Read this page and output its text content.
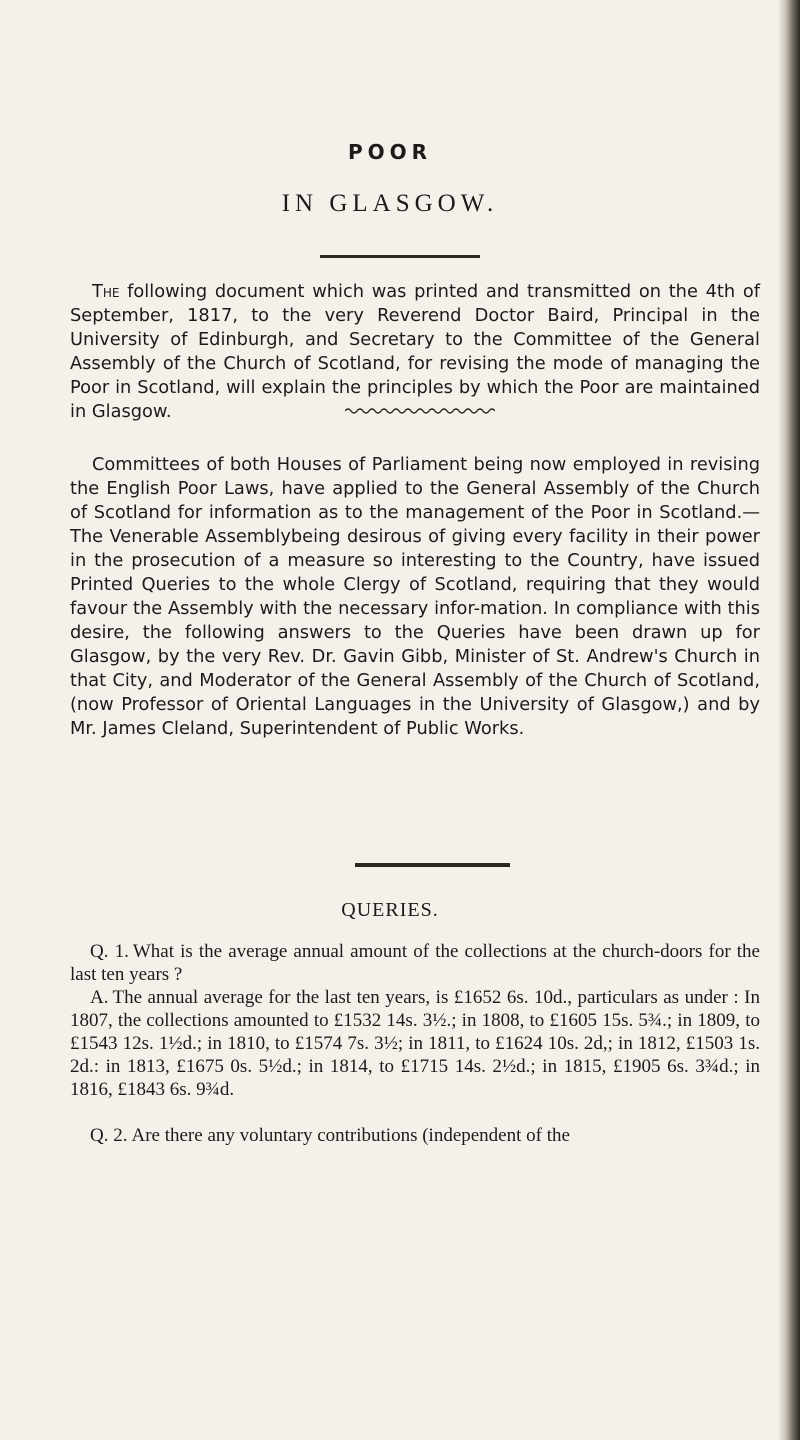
POOR
IN GLASGOW.

The following document which was printed and transmitted on the 4th of September, 1817, to the very Reverend Doctor Baird, Principal in the University of Edinburgh, and Secretary to the Committee of the General Assembly of the Church of Scotland, for revising the mode of managing the Poor in Scotland, will explain the principles by which the Poor are maintained in Glasgow.

Committees of both Houses of Parliament being now employed in revising the English Poor Laws, have applied to the General Assembly of the Church of Scotland for information as to the management of the Poor in Scotland.—The Venerable Assemblybeing desirous of giving every facility in their power in the prosecution of a measure so interesting to the Country, have issued Printed Queries to the whole Clergy of Scotland, requiring that they would favour the Assembly with the necessary infor-mation. In compliance with this desire, the following answers to the Queries have been drawn up for Glasgow, by the very Rev. Dr. Gavin Gibb, Minister of St. Andrew's Church in that City, and Moderator of the General Assembly of the Church of Scotland, (now Professor of Oriental Languages in the University of Glasgow,) and by Mr. James Cleland, Superintendent of Public Works.

QUERIES.

Q. 1. What is the average annual amount of the collections at the church-doors for the last ten years ?

A. The annual average for the last ten years, is £1652 6s. 10d., particulars as under : In 1807, the collections amounted to £1532 14s. 3½.; in 1808, to £1605 15s. 5¾.; in 1809, to £1543 12s. 1½d.; in 1810, to £1574 7s. 3½; in 1811, to £1624 10s. 2d,; in 1812, £1503 1s. 2d.: in 1813, £1675 0s. 5½d.; in 1814, to £1715 14s. 2½d.; in 1815, £1905 6s. 3¾d.; in 1816, £1843 6s. 9¾d.

Q. 2. Are there any voluntary contributions (independent of the
